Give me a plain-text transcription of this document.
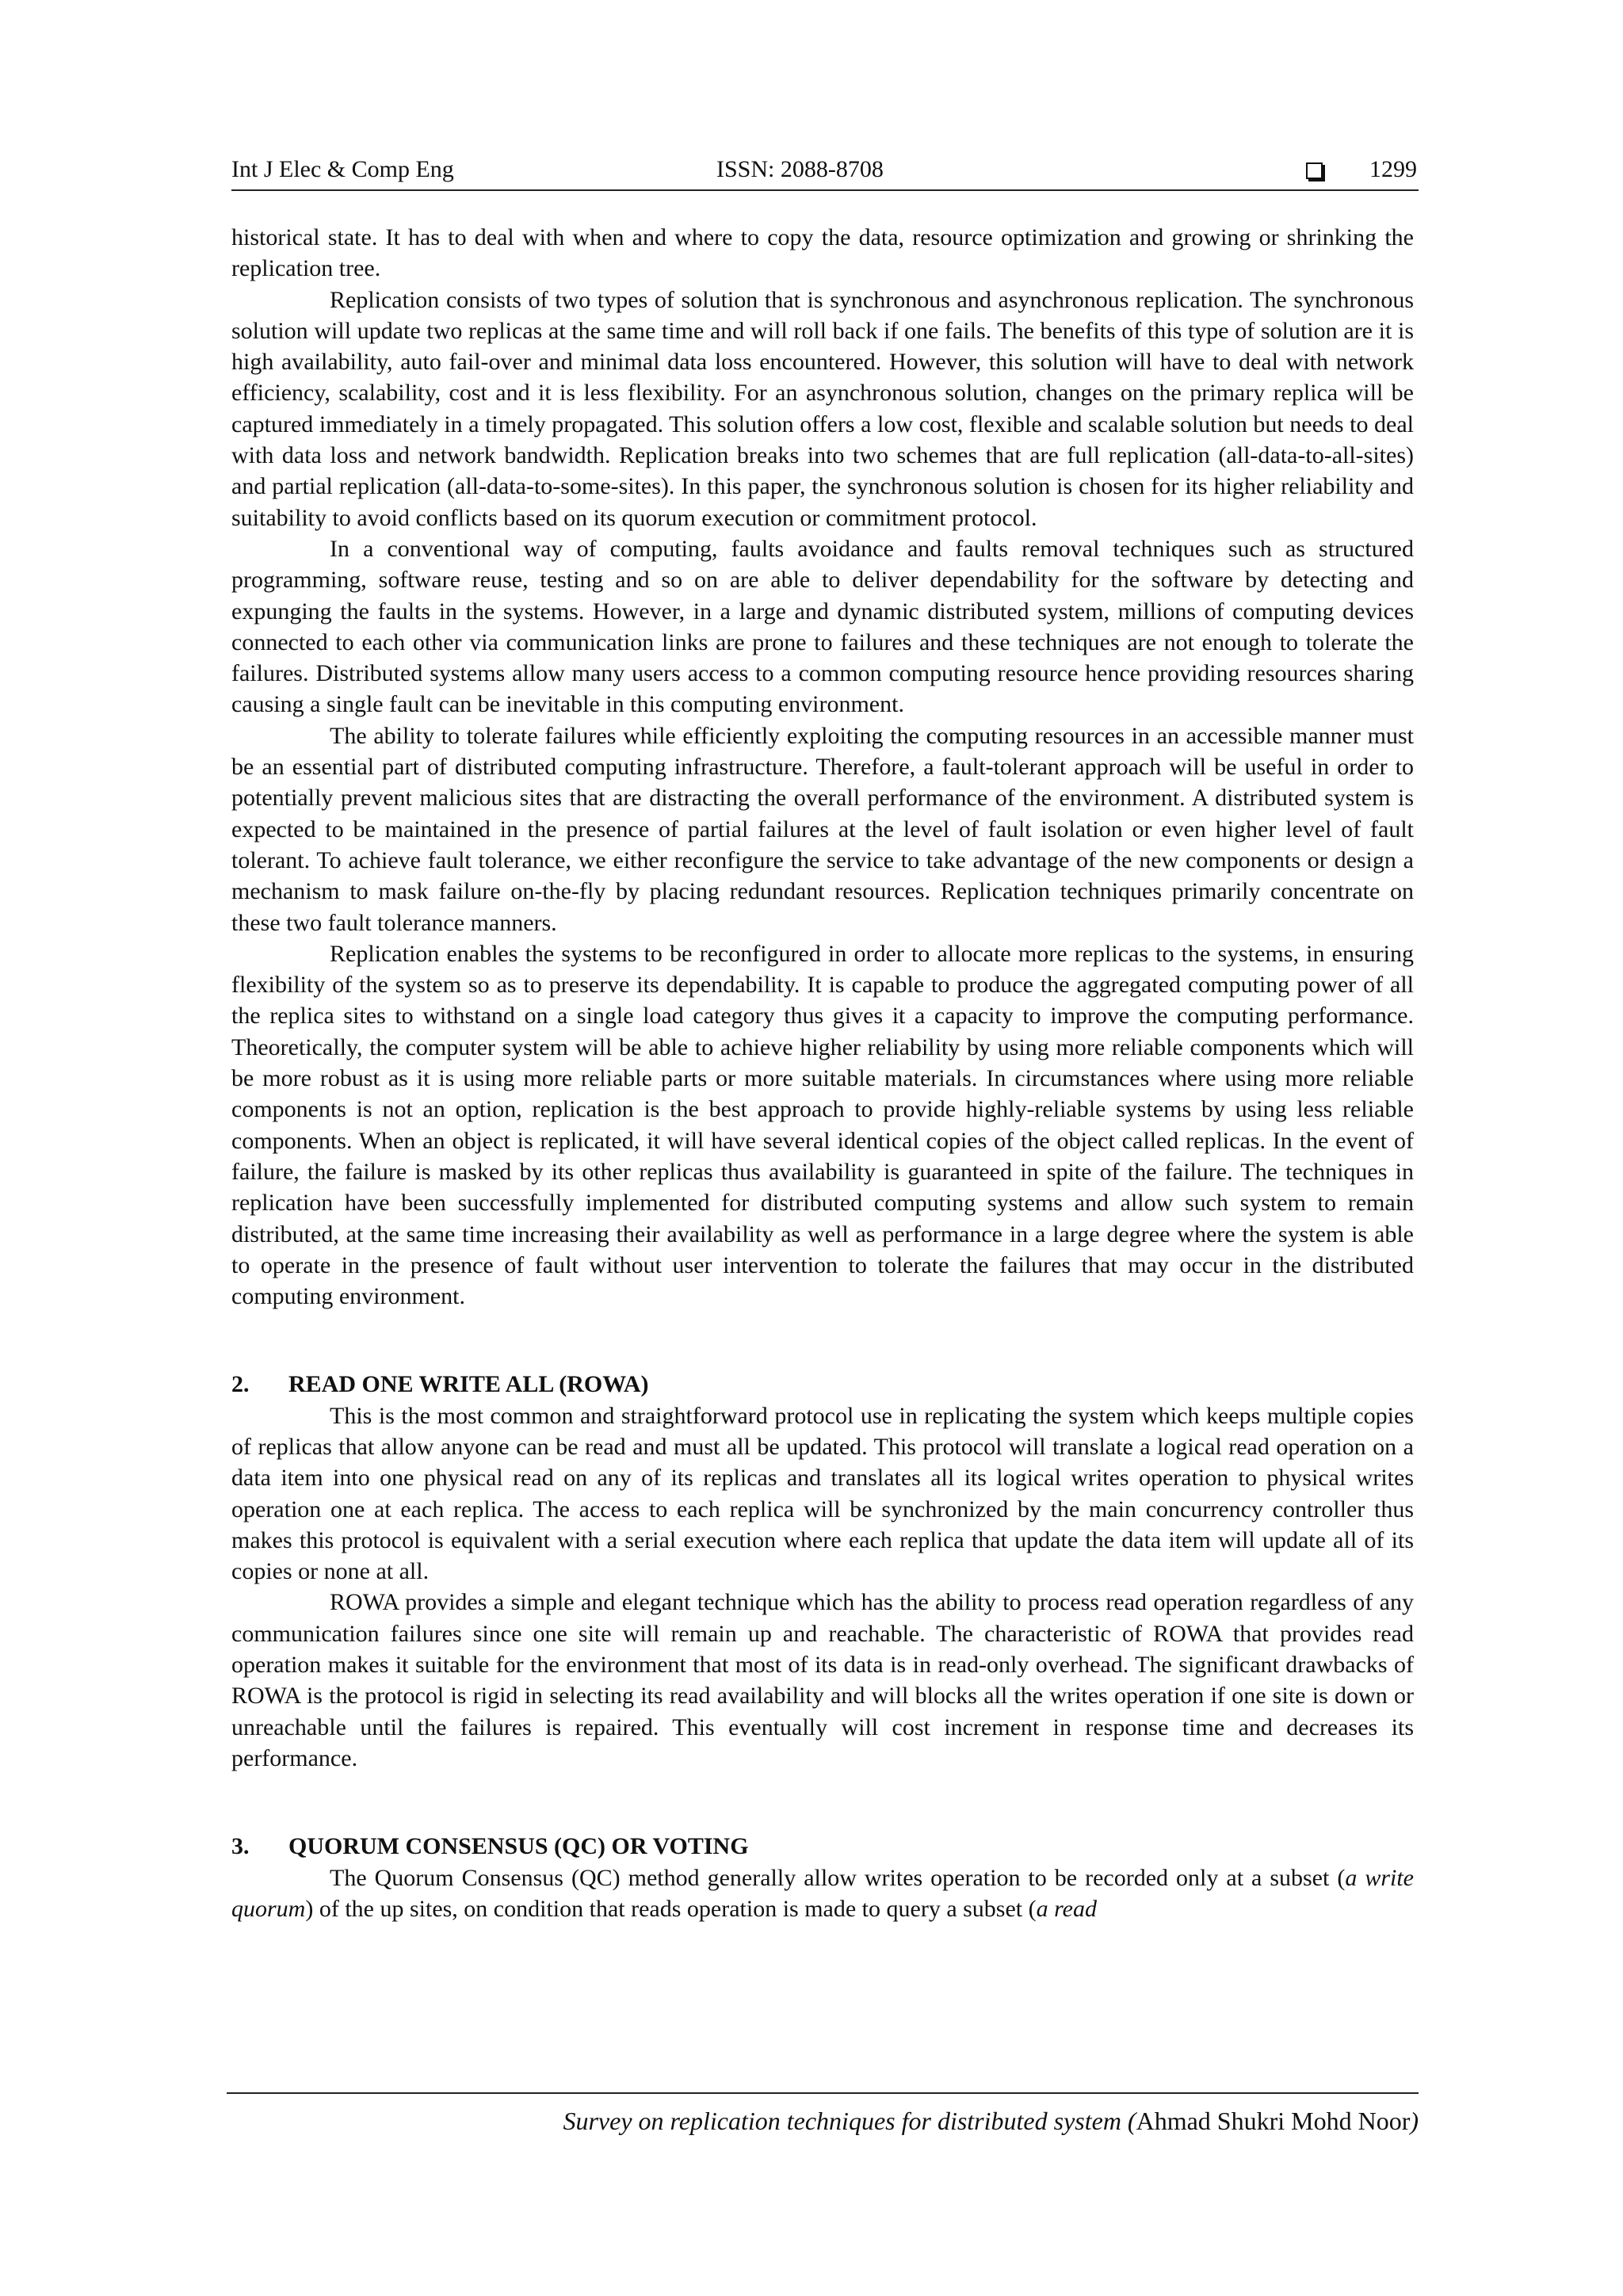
Int J Elec & Comp Eng	ISSN: 2088-8708	1299

historical state. It has to deal with when and where to copy the data, resource optimization and growing or shrinking the replication tree.

Replication consists of two types of solution that is synchronous and asynchronous replication. The synchronous solution will update two replicas at the same time and will roll back if one fails. The benefits of this type of solution are it is high availability, auto fail-over and minimal data loss encountered. However, this solution will have to deal with network efficiency, scalability, cost and it is less flexibility. For an asynchronous solution, changes on the primary replica will be captured immediately in a timely propagated. This solution offers a low cost, flexible and scalable solution but needs to deal with data loss and network bandwidth. Replication breaks into two schemes that are full replication (all-data-to-all-sites) and partial replication (all-data-to-some-sites). In this paper, the synchronous solution is chosen for its higher reliability and suitability to avoid conflicts based on its quorum execution or commitment protocol.

In a conventional way of computing, faults avoidance and faults removal techniques such as structured programming, software reuse, testing and so on are able to deliver dependability for the software by detecting and expunging the faults in the systems. However, in a large and dynamic distributed system, millions of computing devices connected to each other via communication links are prone to failures and these techniques are not enough to tolerate the failures. Distributed systems allow many users access to a common computing resource hence providing resources sharing causing a single fault can be inevitable in this computing environment.

The ability to tolerate failures while efficiently exploiting the computing resources in an accessible manner must be an essential part of distributed computing infrastructure. Therefore, a fault-tolerant approach will be useful in order to potentially prevent malicious sites that are distracting the overall performance of the environment. A distributed system is expected to be maintained in the presence of partial failures at the level of fault isolation or even higher level of fault tolerant. To achieve fault tolerance, we either reconfigure the service to take advantage of the new components or design a mechanism to mask failure on-the-fly by placing redundant resources. Replication techniques primarily concentrate on these two fault tolerance manners.

Replication enables the systems to be reconfigured in order to allocate more replicas to the systems, in ensuring flexibility of the system so as to preserve its dependability. It is capable to produce the aggregated computing power of all the replica sites to withstand on a single load category thus gives it a capacity to improve the computing performance. Theoretically, the computer system will be able to achieve higher reliability by using more reliable components which will be more robust as it is using more reliable parts or more suitable materials. In circumstances where using more reliable components is not an option, replication is the best approach to provide highly-reliable systems by using less reliable components. When an object is replicated, it will have several identical copies of the object called replicas. In the event of failure, the failure is masked by its other replicas thus availability is guaranteed in spite of the failure. The techniques in replication have been successfully implemented for distributed computing systems and allow such system to remain distributed, at the same time increasing their availability as well as performance in a large degree where the system is able to operate in the presence of fault without user intervention to tolerate the failures that may occur in the distributed computing environment.

2. READ ONE WRITE ALL (ROWA)

This is the most common and straightforward protocol use in replicating the system which keeps multiple copies of replicas that allow anyone can be read and must all be updated. This protocol will translate a logical read operation on a data item into one physical read on any of its replicas and translates all its logical writes operation to physical writes operation one at each replica. The access to each replica will be synchronized by the main concurrency controller thus makes this protocol is equivalent with a serial execution where each replica that update the data item will update all of its copies or none at all.

ROWA provides a simple and elegant technique which has the ability to process read operation regardless of any communication failures since one site will remain up and reachable. The characteristic of ROWA that provides read operation makes it suitable for the environment that most of its data is in read-only overhead. The significant drawbacks of ROWA is the protocol is rigid in selecting its read availability and will blocks all the writes operation if one site is down or unreachable until the failures is repaired. This eventually will cost increment in response time and decreases its performance.

3. QUORUM CONSENSUS (QC) OR VOTING

The Quorum Consensus (QC) method generally allow writes operation to be recorded only at a subset (a write quorum) of the up sites, on condition that reads operation is made to query a subset (a read

Survey on replication techniques for distributed system (Ahmad Shukri Mohd Noor)
